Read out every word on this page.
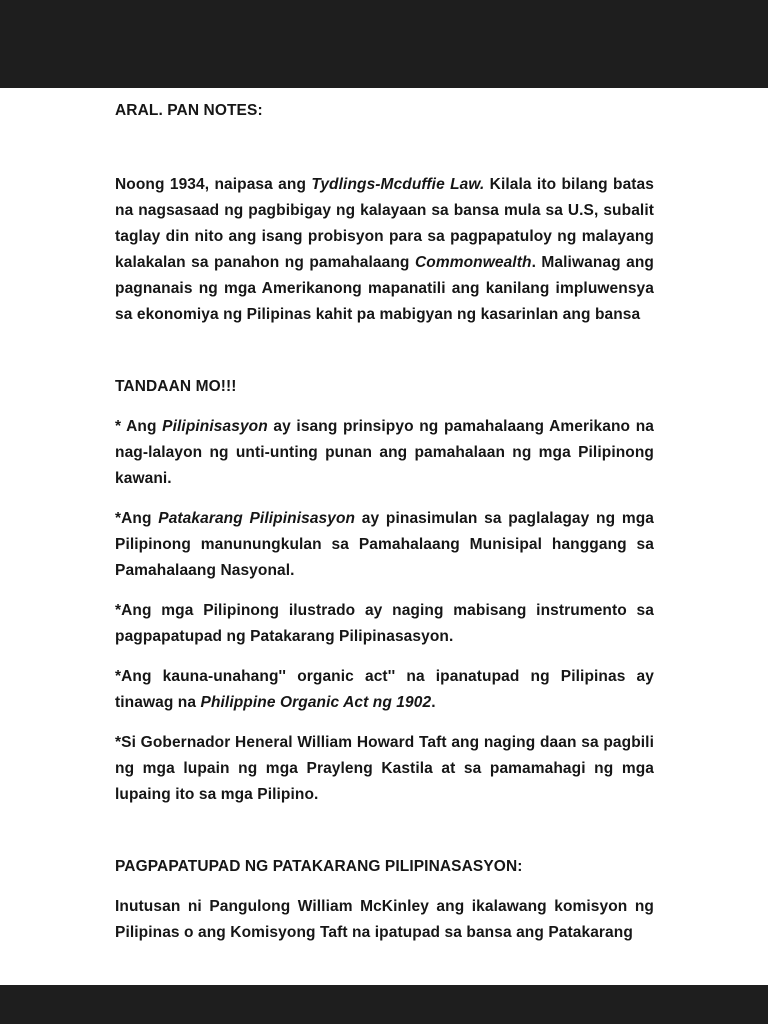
ARAL. PAN NOTES:
Noong 1934, naipasa ang Tydlings-Mcduffie Law. Kilala ito bilang batas na nagsasaad ng pagbibigay ng kalayaan sa bansa mula sa U.S, subalit taglay din nito ang isang probisyon para sa pagpapatuloy ng malayang kalakalan sa panahon ng pamahalaang Commonwealth. Maliwanag ang pagnanais ng mga Amerikanong mapanatili ang kanilang impluwensya sa ekonomiya ng Pilipinas kahit pa mabigyan ng kasarinlan ang bansa
TANDAAN MO!!!
* Ang Pilipinisasyon ay isang prinsipyo ng pamahalaang Amerikano na nag-lalayon ng unti-unting punan ang pamahalaan ng mga Pilipinong kawani.
*Ang Patakarang Pilipinisasyon ay pinasimulan sa paglalagay ng mga Pilipinong manunungkulan sa Pamahalaang Munisipal hanggang sa Pamahalaang Nasyonal.
*Ang mga Pilipinong ilustrado ay naging mabisang instrumento sa pagpapatupad ng Patakarang Pilipinasasyon.
*Ang kauna-unahang'' organic act'' na ipanatupad ng Pilipinas ay tinawag na Philippine Organic Act ng 1902.
*Si Gobernador Heneral William Howard Taft ang naging daan sa pagbili ng mga lupain ng mga Prayleng Kastila at sa pamamahagi ng mga lupaing ito sa mga Pilipino.
PAGPAPATUPAD NG PATAKARANG PILIPINASASYON:
Inutusan ni Pangulong William McKinley ang ikalawang komisyon ng Pilipinas o ang Komisyong Taft na ipatupad sa bansa ang Patakarang
